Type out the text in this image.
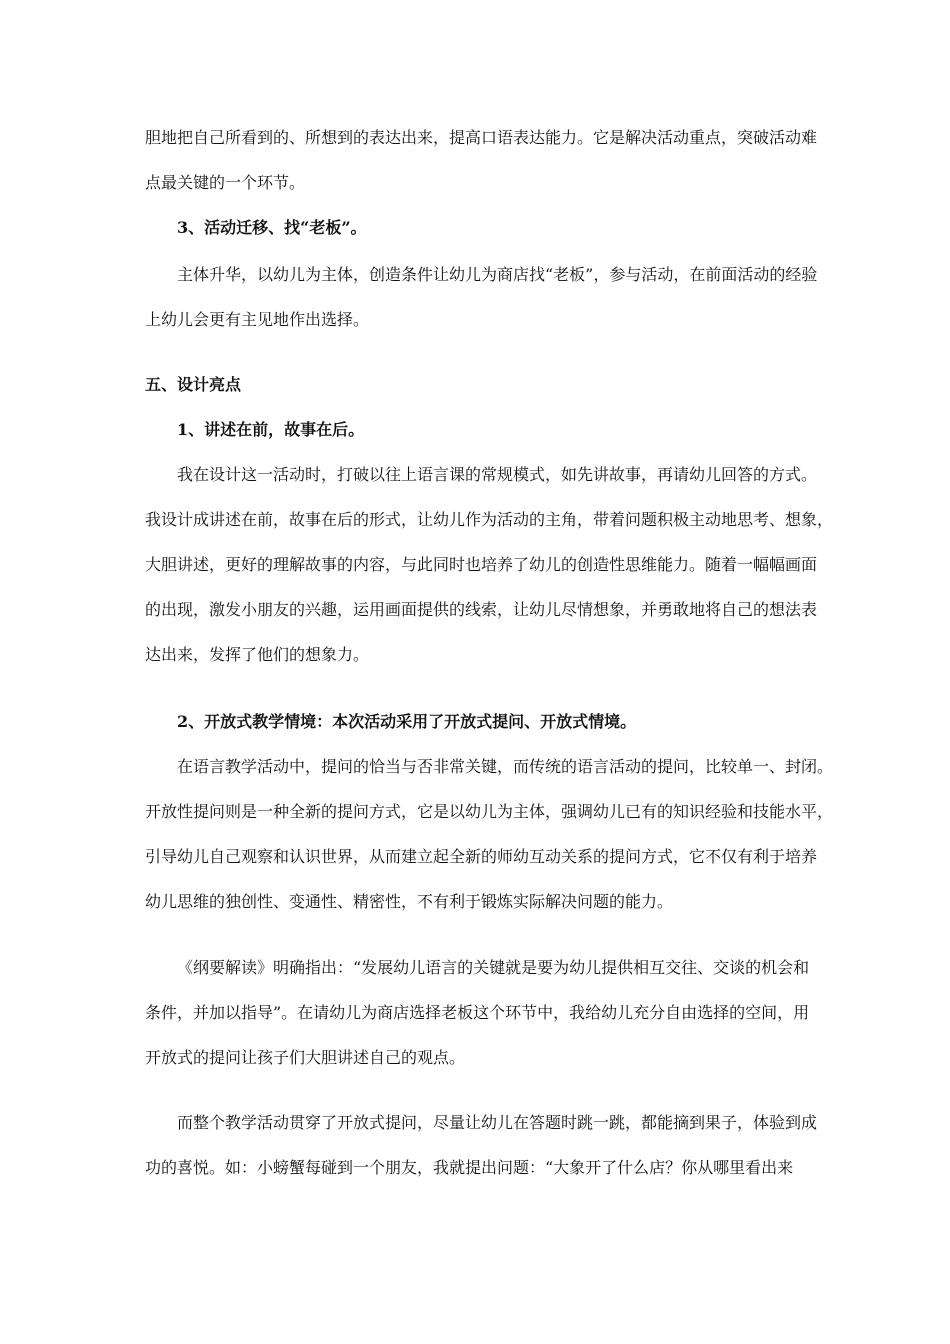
胆地把自己所看到的、所想到的表达出来，提高口语表达能力。它是解决活动重点，突破活动难
点最关键的一个环节。
3、活动迁移、找“老板”。
主体升华，以幼儿为主体，创造条件让幼儿为商店找“老板”，参与活动，在前面活动的经验
上幼儿会更有主见地作出选择。
五、设计亮点
1、讲述在前，故事在后。
我在设计这一活动时，打破以往上语言课的常规模式，如先讲故事，再请幼儿回答的方式。
我设计成讲述在前，故事在后的形式，让幼儿作为活动的主角，带着问题积极主动地思考、想象，
大胆讲述，更好的理解故事的内容，与此同时也培养了幼儿的创造性思维能力。随着一幅幅画面
的出现，激发小朋友的兴趣，运用画面提供的线索，让幼儿尽情想象，并勇敢地将自己的想法表
达出来，发挥了他们的想象力。
2、开放式教学情境：本次活动采用了开放式提问、开放式情境。
在语言教学活动中，提问的恰当与否非常关键，而传统的语言活动的提问，比较单一、封闭。
开放性提问则是一种全新的提问方式，它是以幼儿为主体，强调幼儿已有的知识经验和技能水平，
引导幼儿自己观察和认识世界，从而建立起全新的师幼互动关系的提问方式，它不仅有利于培养
幼儿思维的独创性、变通性、精密性，不有利于锻炼实际解决问题的能力。
《纲要解读》明确指出：“发展幼儿语言的关键就是要为幼儿提供相互交往、交谈的机会和
条件，并加以指导”。在请幼儿为商店选择老板这个环节中，我给幼儿充分自由选择的空间，用
开放式的提问让孩子们大胆讲述自己的观点。
而整个教学活动贯穿了开放式提问，尽量让幼儿在答题时跳一跳，都能摘到果子，体验到成
功的喜悦。如：小螃蟹每碰到一个朋友，我就提出问题：“大象开了什么店？你从哪里看出来
